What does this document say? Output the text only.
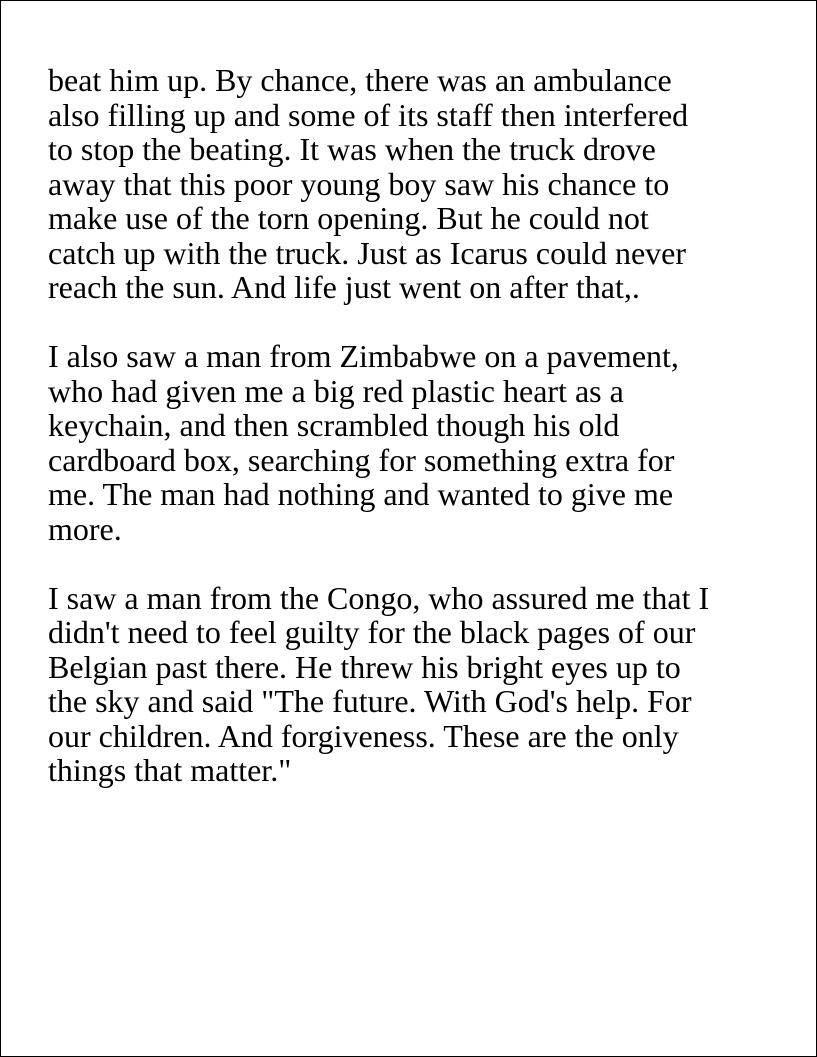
beat him up. By chance, there was an ambulance
also filling up and some of its staff then interfered
to stop the beating. It was when the truck drove
away that this poor young boy saw his chance to
make use of the torn opening. But he could not
catch up with the truck. Just as Icarus could never
reach the sun. And life just went on after that,.

I also saw a man from Zimbabwe on a pavement,
who had given me a big red plastic heart as a
keychain, and then scrambled though his old
cardboard box, searching for something extra for
me. The man had nothing and wanted to give me
more.

I saw a man from the Congo, who assured me that I
didn't need to feel guilty for the black pages of our
Belgian past there. He threw his bright eyes up to
the sky and said "The future. With God's help. For
our children. And forgiveness. These are the only
things that matter."
